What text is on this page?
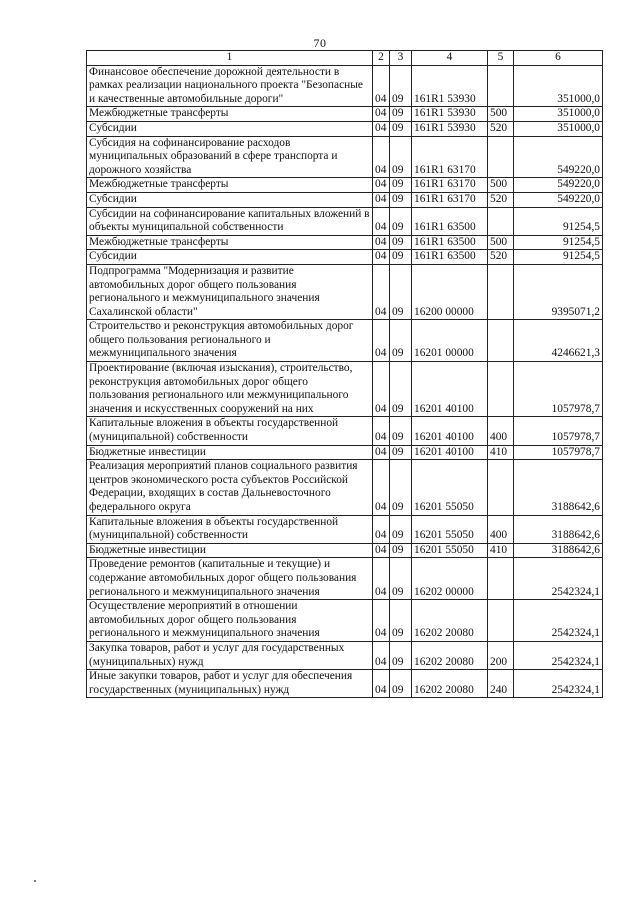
70
1	2	3	4	5	6
Финансовое обеспечение дорожной деятельности в рамках реализации национального проекта "Безопасные и качественные автомобильные дороги"	04	09	161R1 53930		351000,0
Межбюджетные трансферты	04	09	161R1 53930	500	351000,0
Субсидии	04	09	161R1 53930	520	351000,0
Субсидия на софинансирование расходов муниципальных образований в сфере транспорта и дорожного хозяйства	04	09	161R1 63170		549220,0
Межбюджетные трансферты	04	09	161R1 63170	500	549220,0
Субсидии	04	09	161R1 63170	520	549220,0
Субсидии на софинансирование капитальных вложений в объекты муниципальной собственности	04	09	161R1 63500		91254,5
Межбюджетные трансферты	04	09	161R1 63500	500	91254,5
Субсидии	04	09	161R1 63500	520	91254,5
Подпрограмма "Модернизация и развитие автомобильных дорог общего пользования регионального и межмуниципального значения Сахалинской области"	04	09	16200 00000		9395071,2
Строительство и реконструкция автомобильных дорог общего пользования регионального и межмуниципального значения	04	09	16201 00000		4246621,3
Проектирование (включая изыскания), строительство, реконструкция автомобильных дорог общего пользования регионального или межмуниципального значения и искусственных сооружений на них	04	09	16201 40100		1057978,7
Капитальные вложения в объекты государственной (муниципальной) собственности	04	09	16201 40100	400	1057978,7
Бюджетные инвестиции	04	09	16201 40100	410	1057978,7
Реализация мероприятий планов социального развития центров экономического роста субъектов Российской Федерации, входящих в состав Дальневосточного федерального округа	04	09	16201 55050		3188642,6
Капитальные вложения в объекты государственной (муниципальной) собственности	04	09	16201 55050	400	3188642,6
Бюджетные инвестиции	04	09	16201 55050	410	3188642,6
Проведение ремонтов (капитальные и текущие) и содержание автомобильных дорог общего пользования регионального и межмуниципального значения	04	09	16202 00000		2542324,1
Осуществление мероприятий в отношении автомобильных дорог общего пользования регионального и межмуниципального значения	04	09	16202 20080		2542324,1
Закупка товаров, работ и услуг для государственных (муниципальных) нужд	04	09	16202 20080	200	2542324,1
Иные закупки товаров, работ и услуг для обеспечения государственных (муниципальных) нужд	04	09	16202 20080	240	2542324,1
